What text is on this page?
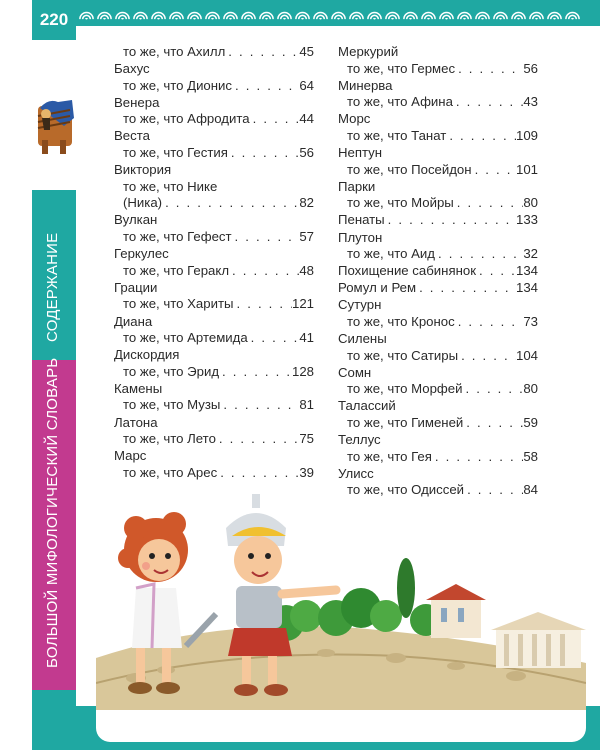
220
СОДЕРЖАНИЕ
БОЛЬШОЙ МИФОЛОГИЧЕСКИЙ СЛОВАРЬ
то же, что Ахилл . . .	45
Бахус
то же, что Дионис . . .	64
Венера
то же, что Афродита . . .	44
Веста
то же, что Гестия . . .	56
Виктория
то же, что Нике
(Ника) . . .	82
Вулкан
то же, что Гефест . . .	57
Геркулес
то же, что Геракл . . .	48
Грации
то же, что Хариты . . .	121
Диана
то же, что Артемида . . .	41
Дискордия
то же, что Эрид . . .	128
Камены
то же, что Музы . . .	81
Латона
то же, что Лето . . .	75
Марс
то же, что Арес . . .	39
Меркурий
то же, что Гермес . . .	56
Минерва
то же, что Афина . . .	43
Морс
то же, что Танат . . .	109
Нептун
то же, что Посейдон . . .	101
Парки
то же, что Мойры . . .	80
Пенаты . . .	133
Плутон
то же, что Аид . . .	32
Похищение сабинянок . . .	134
Ромул и Рем . . .	134
Сутурн
то же, что Кронос . . .	73
Силены
то же, что Сатиры . . .	104
Сомн
то же, что Морфей . . .	80
Талассий
то же, что Гименей . . .	59
Теллус
то же, что Гея . . .	58
Улисс
то же, что Одиссей . . .	84
